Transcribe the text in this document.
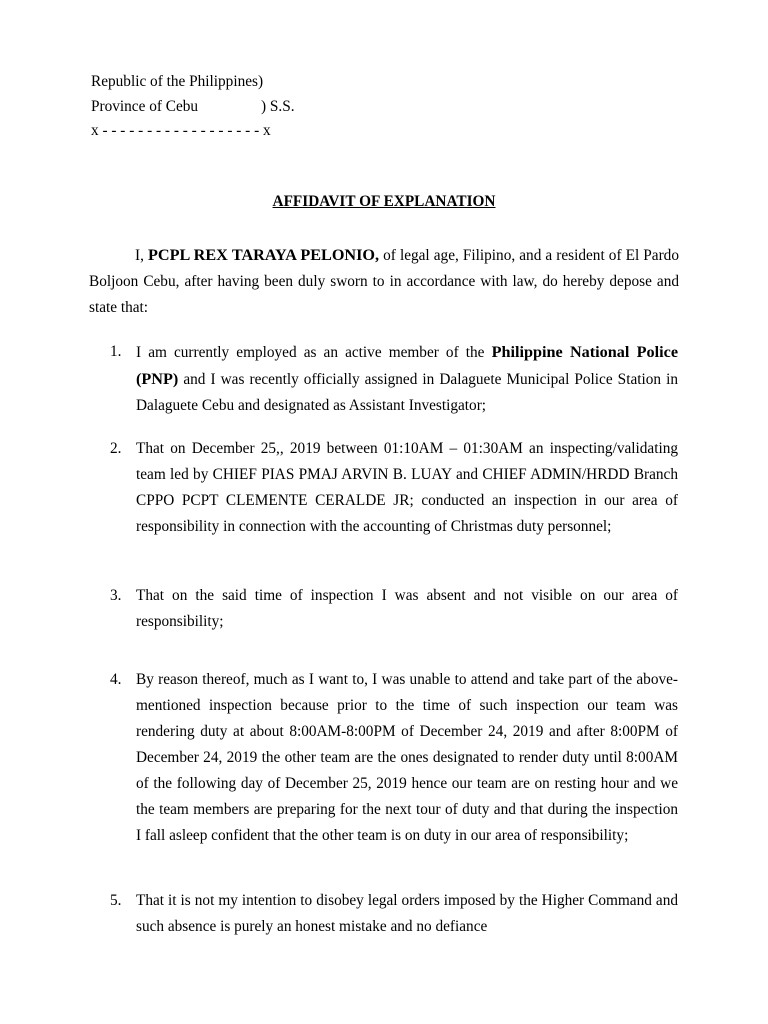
Republic of the Philippines)
Province of Cebu	) S.S.
x - - - - - - - - - - - - - - - - - - x
AFFIDAVIT OF EXPLANATION
I, PCPL REX TARAYA PELONIO, of legal age, Filipino, and a resident of El Pardo Boljoon Cebu, after having been duly sworn to in accordance with law, do hereby depose and state that:
1. I am currently employed as an active member of the Philippine National Police (PNP) and I was recently officially assigned in Dalaguete Municipal Police Station in Dalaguete Cebu and designated as Assistant Investigator;
2. That on December 25,, 2019 between 01:10AM – 01:30AM an inspecting/validating team led by CHIEF PIAS PMAJ ARVIN B. LUAY and CHIEF ADMIN/HRDD Branch CPPO PCPT CLEMENTE CERALDE JR; conducted an inspection in our area of responsibility in connection with the accounting of Christmas duty personnel;
3. That on the said time of inspection I was absent and not visible on our area of responsibility;
4. By reason thereof, much as I want to, I was unable to attend and take part of the above-mentioned inspection because prior to the time of such inspection our team was rendering duty at about 8:00AM-8:00PM of December 24, 2019 and after 8:00PM of December 24, 2019 the other team are the ones designated to render duty until 8:00AM of the following day of December 25, 2019 hence our team are on resting hour and we the team members are preparing for the next tour of duty and that during the inspection I fall asleep confident that the other team is on duty in our area of responsibility;
5. That it is not my intention to disobey legal orders imposed by the Higher Command and such absence is purely an honest mistake and no defiance
